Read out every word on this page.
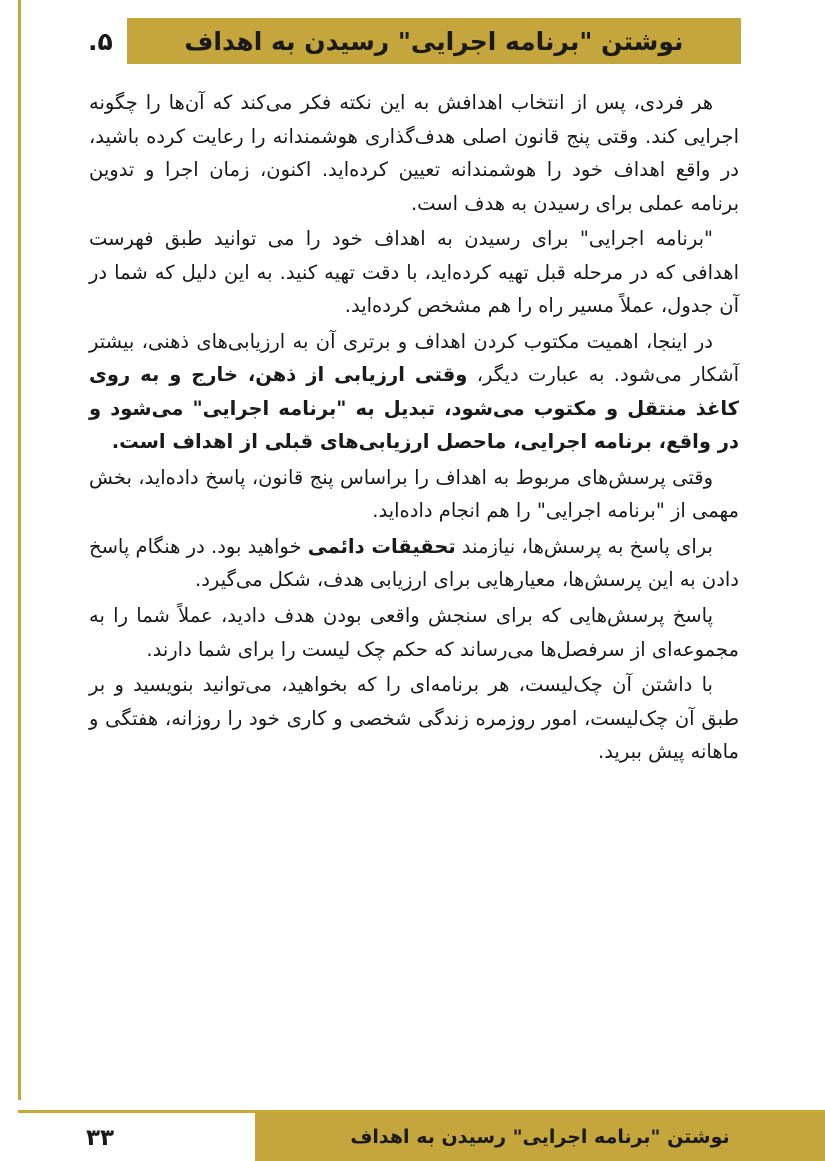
نوشتن "برنامه اجرایی" رسیدن به اهداف
۵.
هر فردی، پس از انتخاب اهدافش به این نکته فکر می‌کند که آن‌ها را چگونه اجرایی کند. وقتی پنج قانون اصلی هدف‌گذاری هوشمندانه را رعایت کرده باشید، در واقع اهداف خود را هوشمندانه تعیین کرده‌اید. اکنون، زمان اجرا و تدوین برنامه عملی برای رسیدن به هدف است.
"برنامه اجرایی" برای رسیدن به اهداف خود را می توانید طبق فهرست اهدافی که در مرحله قبل تهیه کرده‌اید، با دقت تهیه کنید. به این دلیل که شما در آن جدول، عملاً مسیر راه را هم مشخص کرده‌اید.
در اینجا، اهمیت مکتوب کردن اهداف و برتری آن به ارزیابی‌های ذهنی، بیشتر آشکار می‌شود. به عبارت دیگر، وقتی ارزیابی از ذهن، خارج و به روی کاغذ منتقل و مکتوب می‌شود، تبدیل به "برنامه اجرایی" می‌شود و در واقع، برنامه اجرایی، ماحصل ارزیابی‌های قبلی از اهداف است.
وقتی پرسش‌های مربوط به اهداف را براساس پنج قانون، پاسخ داده‌اید، بخش مهمی از "برنامه اجرایی" را هم انجام داده‌اید.
برای پاسخ به پرسش‌ها، نیازمند تحقیقات دائمی خواهید بود. در هنگام پاسخ دادن به این پرسش‌ها، معیارهایی برای ارزیابی هدف، شکل می‌گیرد.
پاسخ پرسش‌هایی که برای سنجش واقعی بودن هدف دادید، عملاً شما را به مجموعه‌ای از سرفصل‌ها می‌رساند که حکم چک لیست را برای شما دارند.
با داشتن آن چک‌لیست، هر برنامه‌ای را که بخواهید، می‌توانید بنویسید و بر طبق آن چک‌لیست، امور روزمره زندگی شخصی و کاری خود را روزانه، هفتگی و ماهانه پیش ببرید.
نوشتن "برنامه اجرایی" رسیدن به اهداف
۳۳
